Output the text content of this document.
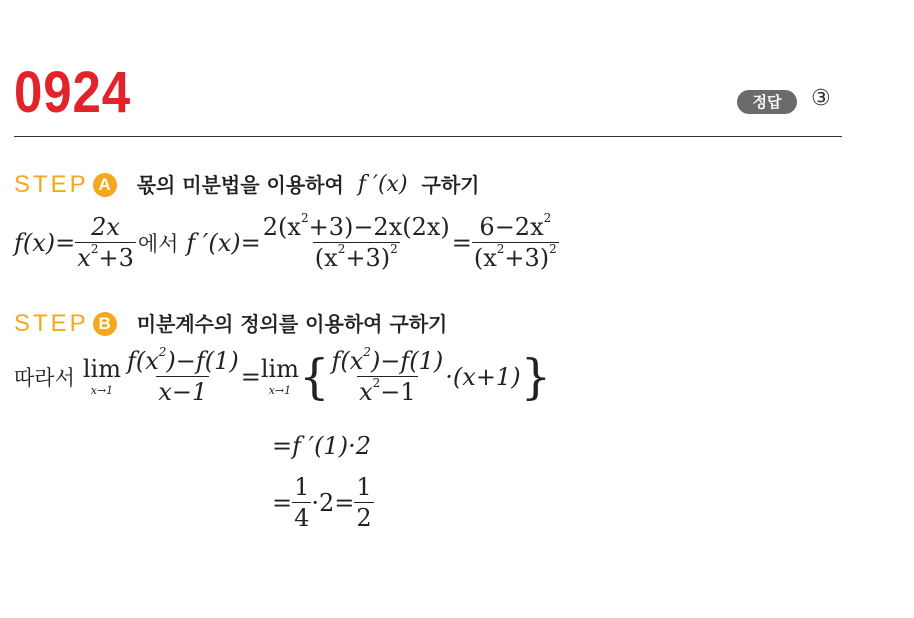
0924	정답	③
STEP A 몫의 미분법을 이용하여 f ′(x) 구하기
$f(x) = \frac{2x}{x^2+3}$ 에서 f $'(x) = \frac{2(x^2+3)-2x(2x)}{(x^2+3)^2} = \frac{6-2x^2}{(x^2+3)^2}$
STEP B 미분계수의 정의를 이용하여 구하기
따라서 lim
$x\to 1 \frac{f(x^2)-f(1)}{x-1} = \lim$
x→1 { $\frac{f(x^2)-f(1)}{x^2-1} \cdot(x+1)$ }
=f ′(1)·2
= $\frac{1}{4} \cdot 2= \frac{1}{2}$
